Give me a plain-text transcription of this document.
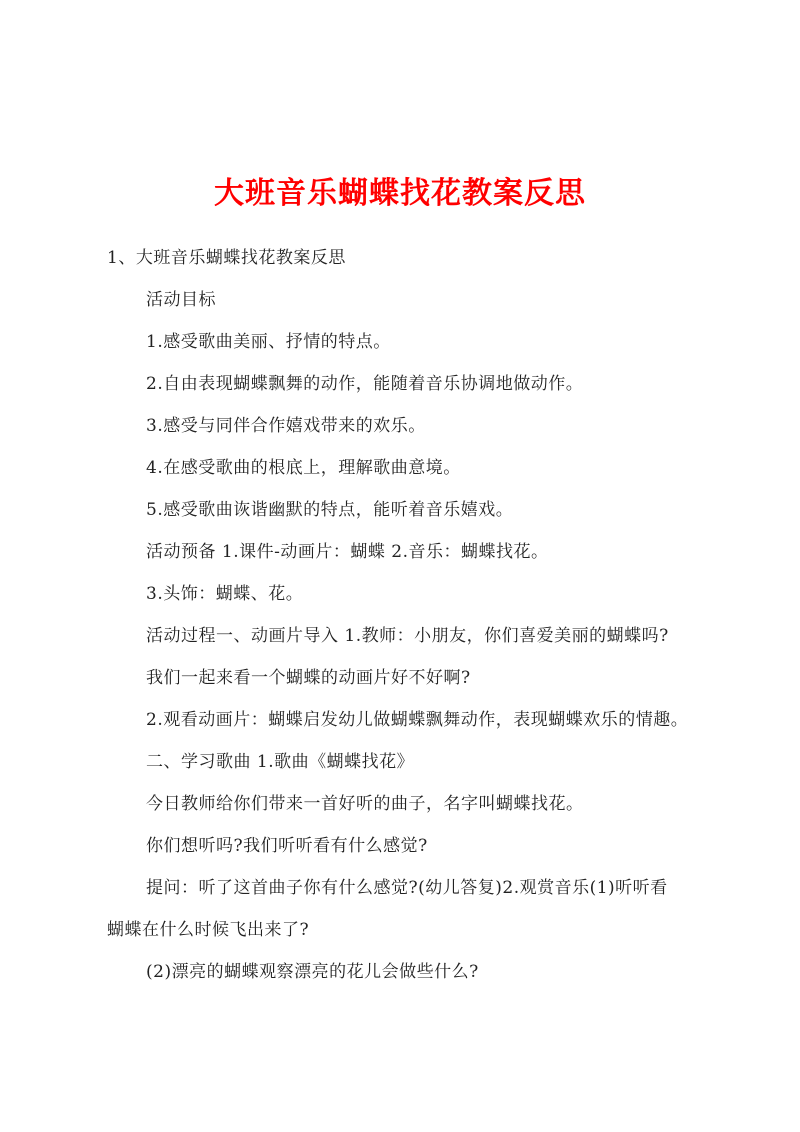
大班音乐蝴蝶找花教案反思
1、大班音乐蝴蝶找花教案反思
活动目标
1.感受歌曲美丽、抒情的特点。
2.自由表现蝴蝶飘舞的动作，能随着音乐协调地做动作。
3.感受与同伴合作嬉戏带来的欢乐。
4.在感受歌曲的根底上，理解歌曲意境。
5.感受歌曲诙谐幽默的特点，能听着音乐嬉戏。
活动预备 1.课件-动画片：蝴蝶 2.音乐：蝴蝶找花。
3.头饰：蝴蝶、花。
活动过程一、动画片导入 1.教师：小朋友，你们喜爱美丽的蝴蝶吗?
我们一起来看一个蝴蝶的动画片好不好啊?
2.观看动画片：蝴蝶启发幼儿做蝴蝶飘舞动作，表现蝴蝶欢乐的情趣。
二、学习歌曲 1.歌曲《蝴蝶找花》
今日教师给你们带来一首好听的曲子，名字叫蝴蝶找花。
你们想听吗?我们听听看有什么感觉?
提问：听了这首曲子你有什么感觉?(幼儿答复)2.观赏音乐(1)听听看
蝴蝶在什么时候飞出来了?
(2)漂亮的蝴蝶观察漂亮的花儿会做些什么?
